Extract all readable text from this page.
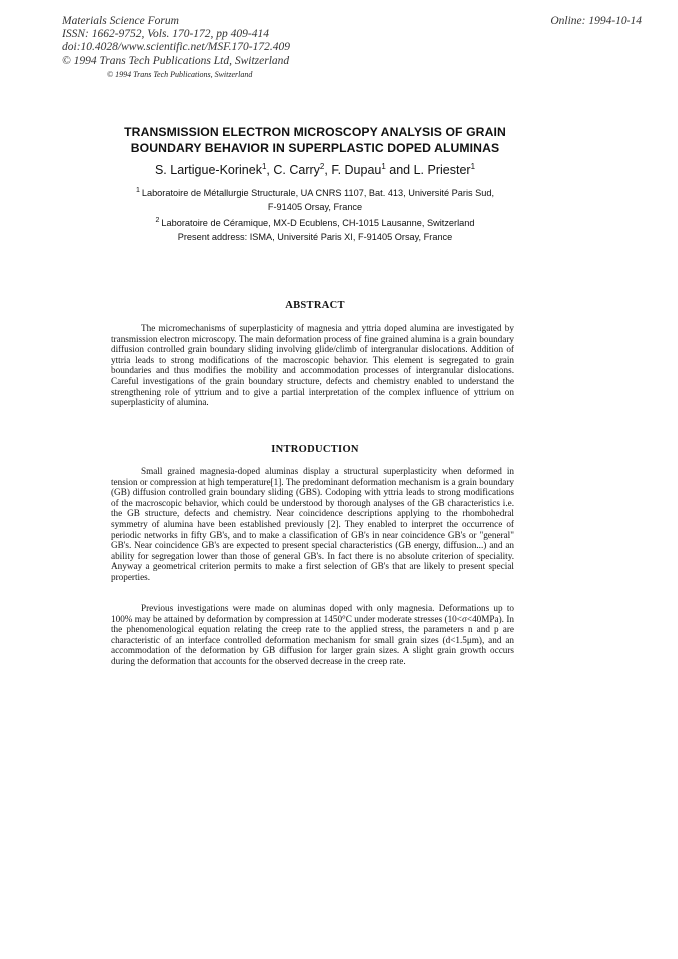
Materials Science Forum
ISSN: 1662-9752, Vols. 170-172, pp 409-414
doi:10.4028/www.scientific.net/MSF.170-172.409
© 1994 Trans Tech Publications Ltd, Switzerland
Online: 1994-10-14
© 1994 Trans Tech Publications, Switzerland
TRANSMISSION ELECTRON MICROSCOPY ANALYSIS OF GRAIN
BOUNDARY BEHAVIOR IN SUPERPLASTIC DOPED ALUMINAS
S. Lartigue-Korinek$^1$, C. Carry$^2$, F. Dupau$^1$ and L. Priester$^1$
$^1$ Laboratoire de Métallurgie Structurale, UA CNRS 1107, Bat. 413, Université Paris Sud,
F-91405 Orsay, France
$^2$ Laboratoire de Céramique, MX-D Ecublens, CH-1015 Lausanne, Switzerland
Present address: ISMA, Université Paris XI, F-91405 Orsay, France
ABSTRACT

The micromechanisms of superplasticity of magnesia and yttria doped alumina are investigated by transmission electron microscopy. The main deformation process of fine grained alumina is a grain boundary diffusion controlled grain boundary sliding involving glide/climb of intergranular dislocations. Addition of yttria leads to strong modifications of the macroscopic behavior. This element is segregated to grain boundaries and thus modifies the mobility and accommodation processes of intergranular dislocations. Careful investigations of the grain boundary structure, defects and chemistry enabled to understand the strengthening role of yttrium and to give a partial interpretation of the complex influence of yttrium on superplasticity of alumina.

INTRODUCTION

Small grained magnesia-doped aluminas display a structural superplasticity when deformed in tension or compression at high temperature[1]. The predominant deformation mechanism is a grain boundary (GB) diffusion controlled grain boundary sliding (GBS). Codoping with yttria leads to strong modifications of the macroscopic behavior, which could be understood by thorough analyses of the GB characteristics i.e. the GB structure, defects and chemistry. Near coincidence descriptions applying to the rhombohedral symmetry of alumina have been established previously [2]. They enabled to interpret the occurrence of periodic networks in fifty GB's, and to make a classification of GB's in near coincidence GB's or "general" GB's. Near coincidence GB's are expected to present special characteristics (GB energy, diffusion...) and an ability for segregation lower than those of general GB's. In fact there is no absolute criterion of speciality. Anyway a geometrical criterion permits to make a first selection of GB's that are likely to present special properties.

Previous investigations were made on aluminas doped with only magnesia. Deformations up to 100% may be attained by deformation by compression at 1450°C under moderate stresses (10<σ<40MPa). In the phenomenological equation relating the creep rate to the applied stress, the parameters n and p are characteristic of an interface controlled deformation mechanism for small grain sizes (d<1.5μm), and an accommodation of the deformation by GB diffusion for larger grain sizes. A slight grain growth occurs during the deformation that accounts for the observed decrease in the creep rate.
